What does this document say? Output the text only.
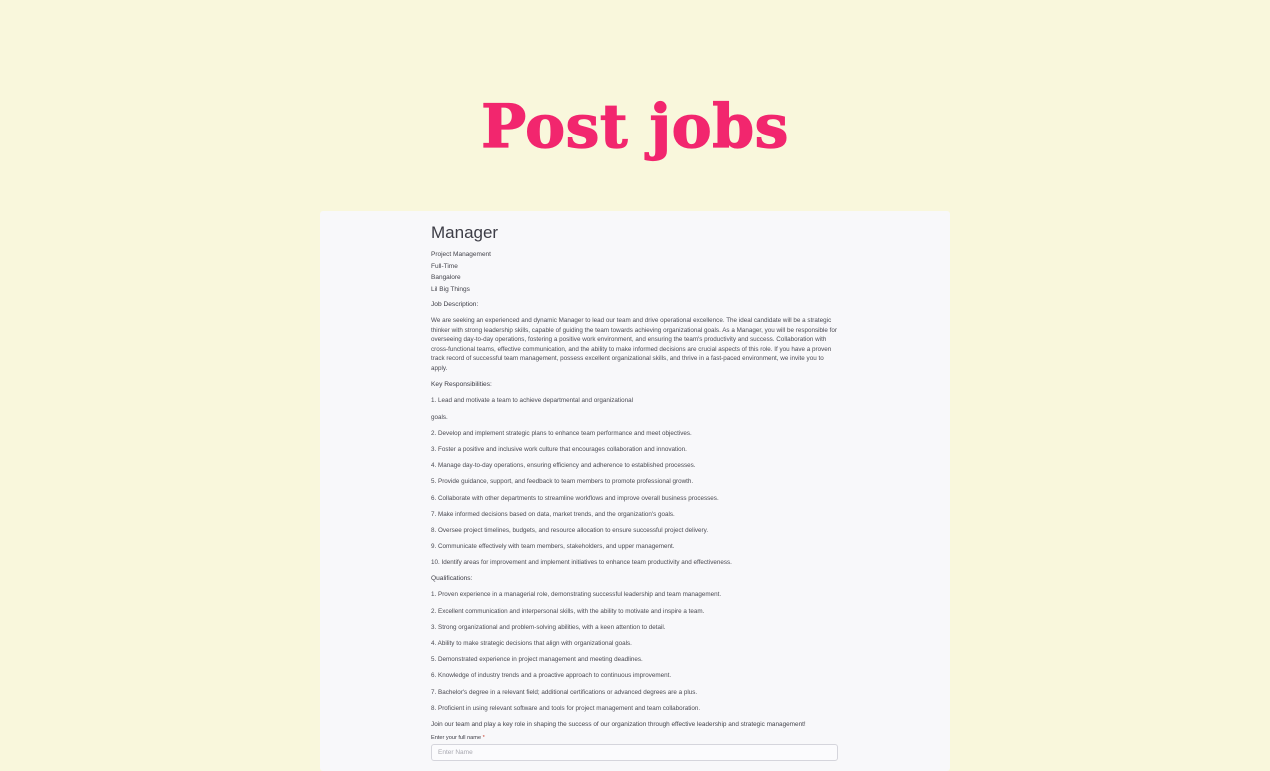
Post jobs
Manager
Project Management
Full-Time
Bangalore
Lil Big Things
Job Description:

We are seeking an experienced and dynamic Manager to lead our team and drive operational excellence. The ideal candidate will be a strategic thinker with strong leadership skills, capable of guiding the team towards achieving organizational goals. As a Manager, you will be responsible for overseeing day-to-day operations, fostering a positive work environment, and ensuring the team's productivity and success. Collaboration with cross-functional teams, effective communication, and the ability to make informed decisions are crucial aspects of this role. If you have a proven track record of successful team management, possess excellent organizational skills, and thrive in a fast-paced environment, we invite you to apply.

Key Responsibilities:
1. Lead and motivate a team to achieve departmental and organizational
goals.
2. Develop and implement strategic plans to enhance team performance and meet objectives.
3. Foster a positive and inclusive work culture that encourages collaboration and innovation.
4. Manage day-to-day operations, ensuring efficiency and adherence to established processes.
5. Provide guidance, support, and feedback to team members to promote professional growth.
6. Collaborate with other departments to streamline workflows and improve overall business processes.
7. Make informed decisions based on data, market trends, and the organization's goals.
8. Oversee project timelines, budgets, and resource allocation to ensure successful project delivery.
9. Communicate effectively with team members, stakeholders, and upper management.
10. Identify areas for improvement and implement initiatives to enhance team productivity and effectiveness.
Qualifications:
1. Proven experience in a managerial role, demonstrating successful leadership and team management.
2. Excellent communication and interpersonal skills, with the ability to motivate and inspire a team.
3. Strong organizational and problem-solving abilities, with a keen attention to detail.
4. Ability to make strategic decisions that align with organizational goals.
5. Demonstrated experience in project management and meeting deadlines.
6. Knowledge of industry trends and a proactive approach to continuous improvement.
7. Bachelor's degree in a relevant field; additional certifications or advanced degrees are a plus.
8. Proficient in using relevant software and tools for project management and team collaboration.
Join our team and play a key role in shaping the success of our organization through effective leadership and strategic management!
Enter your full name *
Enter Name
